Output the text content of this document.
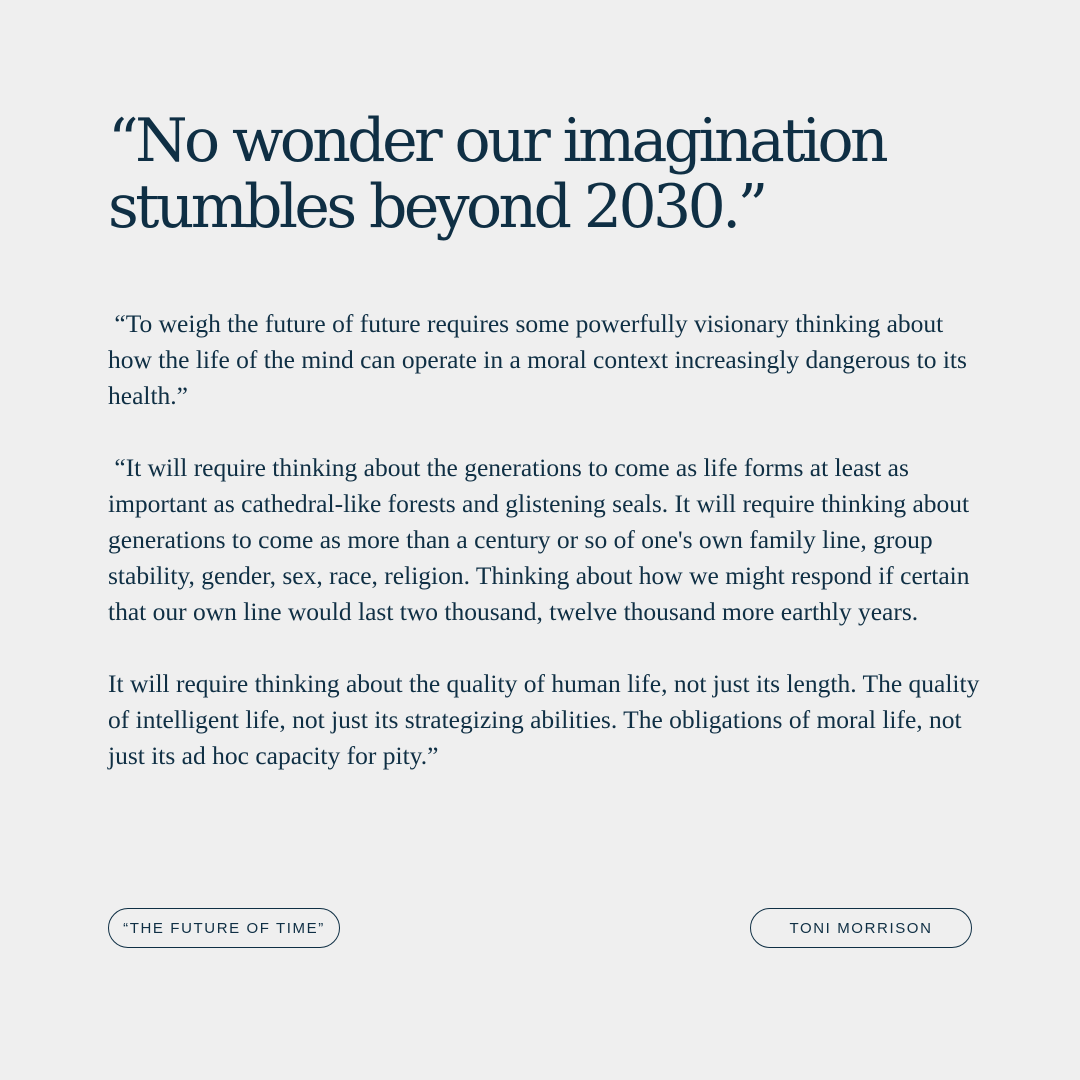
“No wonder our imagination
stumbles beyond 2030.”

“To weigh the future of future requires some powerfully visionary thinking about how the life of the mind can operate in a moral context increasingly dangerous to its health.”

“It will require thinking about the generations to come as life forms at least as important as cathedral-like forests and glistening seals. It will require thinking about generations to come as more than a century or so of one's own family line, group stability, gender, sex, race, religion. Thinking about how we might respond if certain that our own line would last two thousand, twelve thousand more earthly years.

It will require thinking about the quality of human life, not just its length. The quality of intelligent life, not just its strategizing abilities. The obligations of moral life, not just its ad hoc capacity for pity.”

“THE FUTURE OF TIME”	TONI MORRISON
